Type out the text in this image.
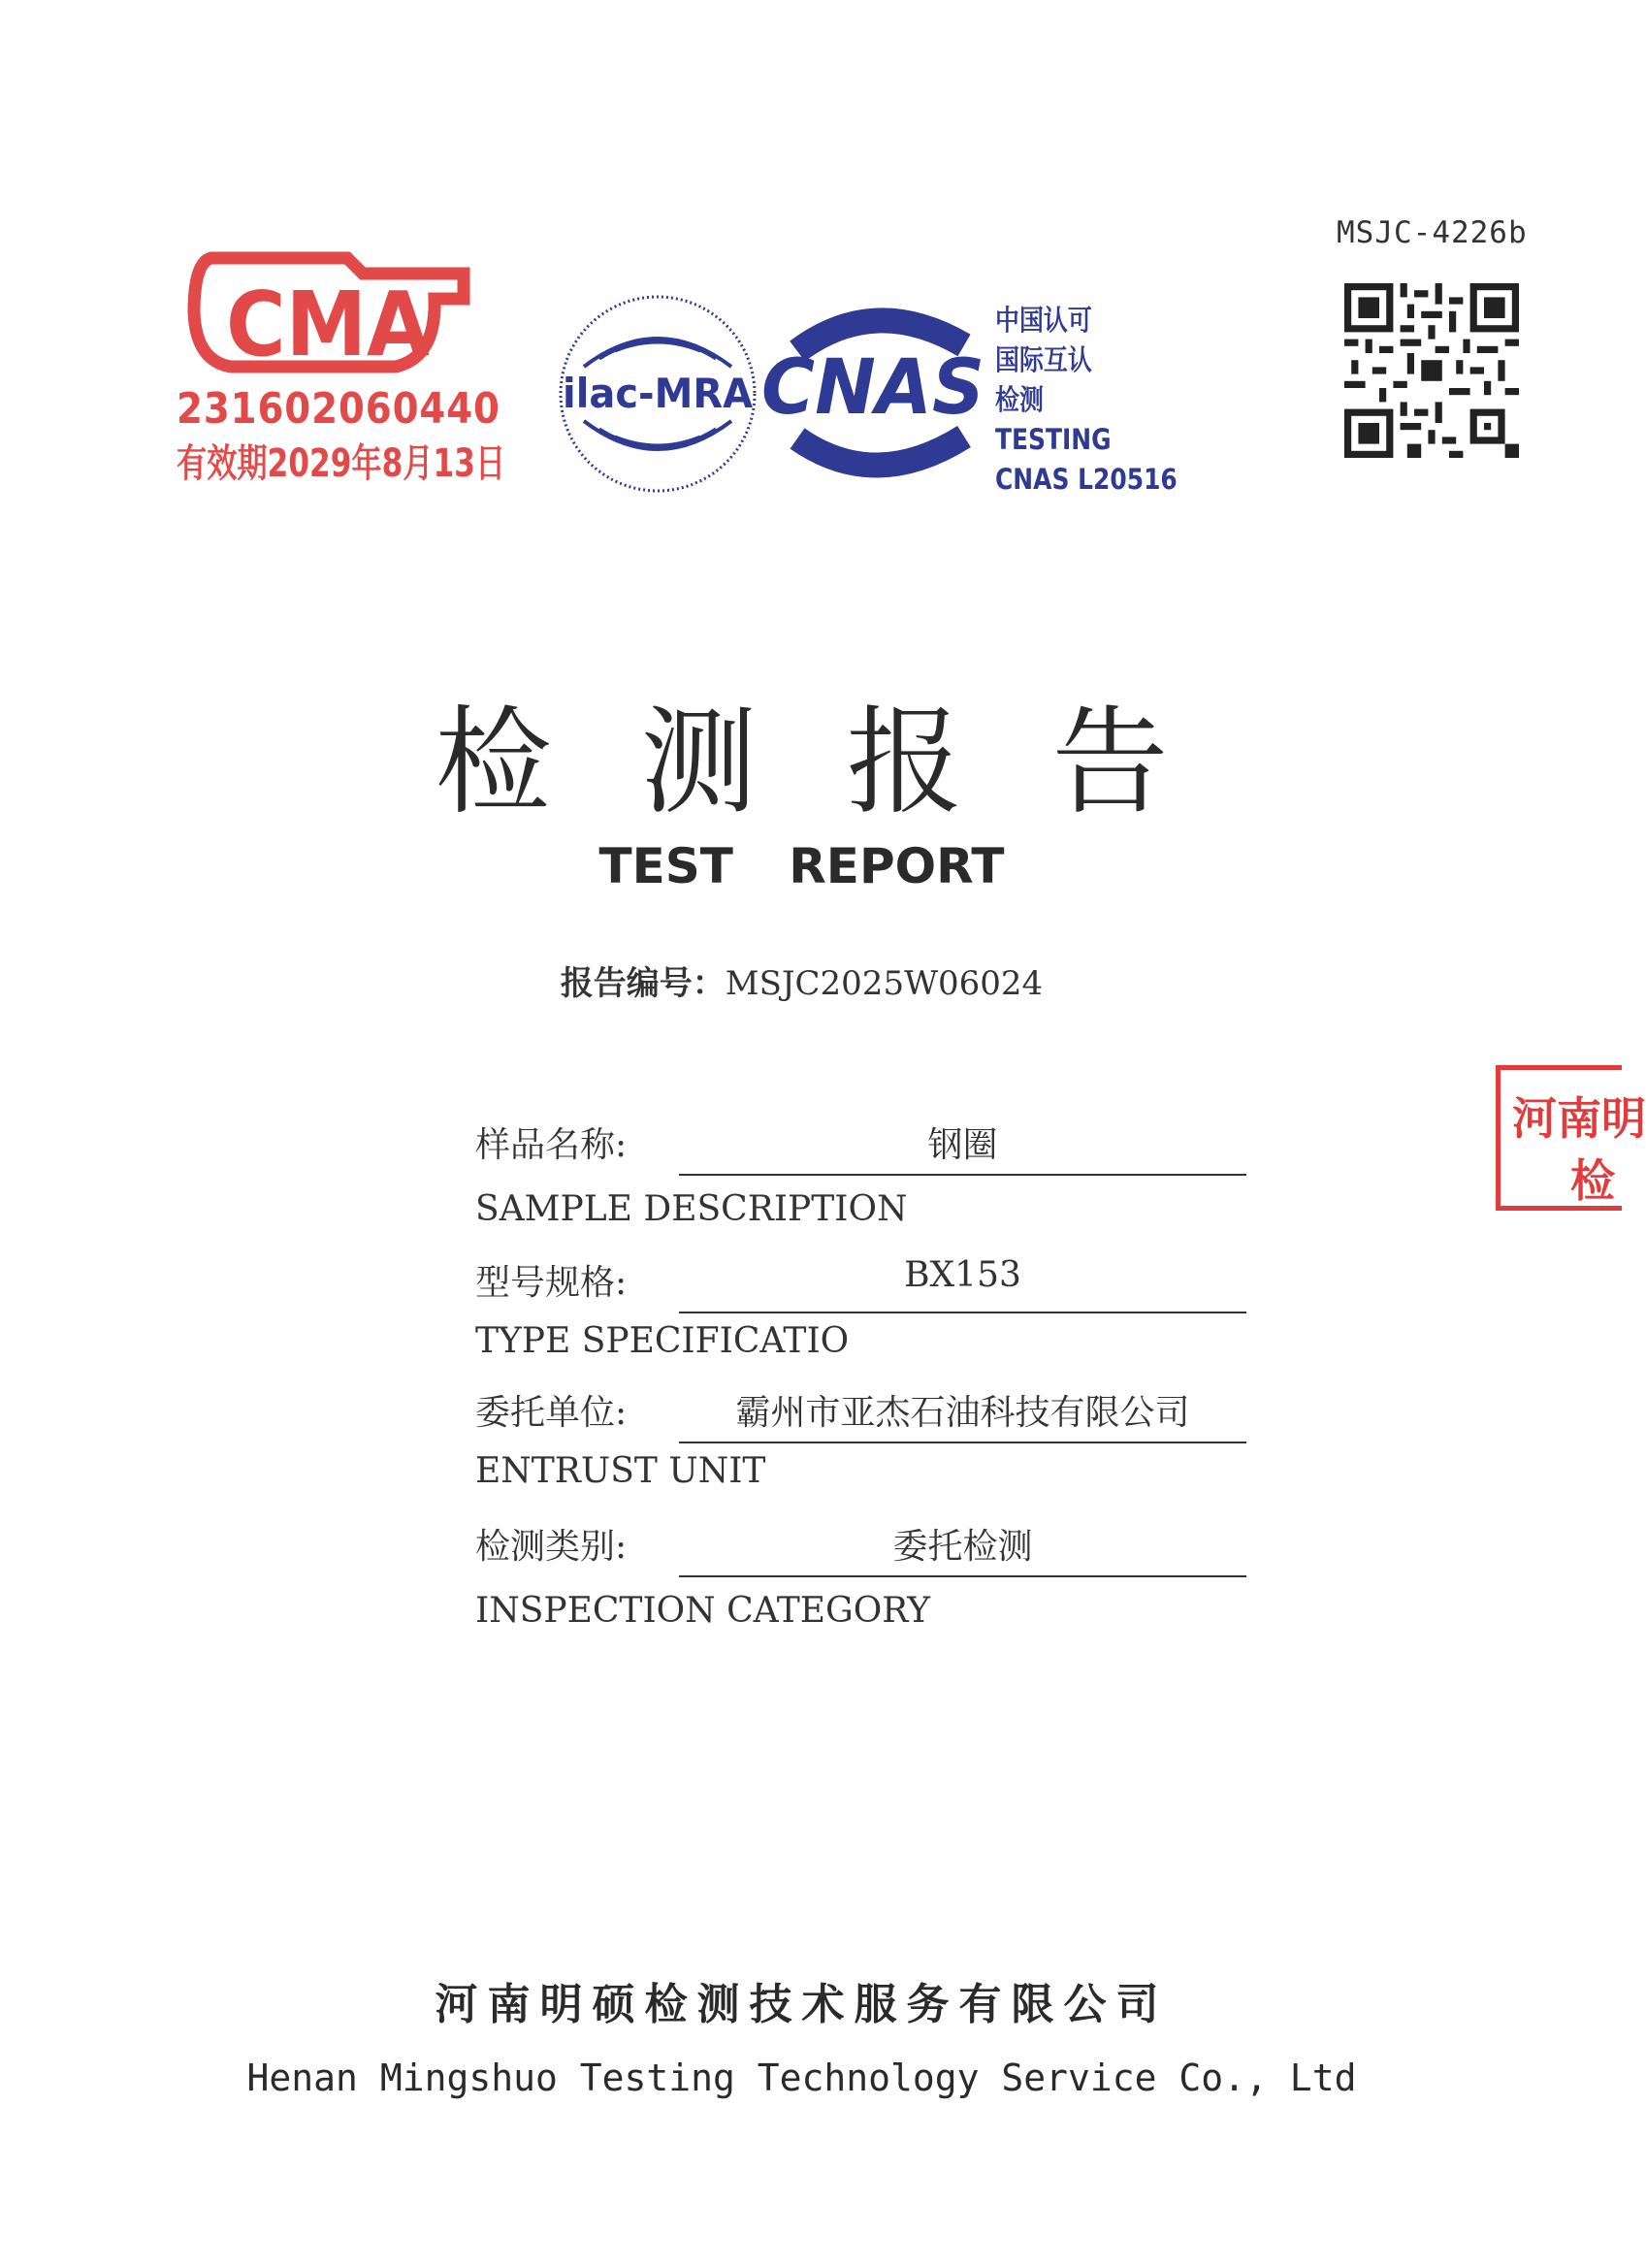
MSJC-4226b
CMA
231602060440
有效期2029年8月13日
ilac-MRA CNAS
中国认可
国际互认
检测
TESTING
CNAS L20516
检测报告
TEST REPORT
报告编号：MSJC2025W06024
样品名称:	钢圈
SAMPLE DESCRIPTION
型号规格:	BX153
TYPE SPECIFICATIO
委托单位:	霸州市亚杰石油科技有限公司
ENTRUST UNIT
检测类别:	委托检测
INSPECTION CATEGORY
河南明
检
河南明硕检测技术服务有限公司
Henan Mingshuo Testing Technology Service Co., Ltd
